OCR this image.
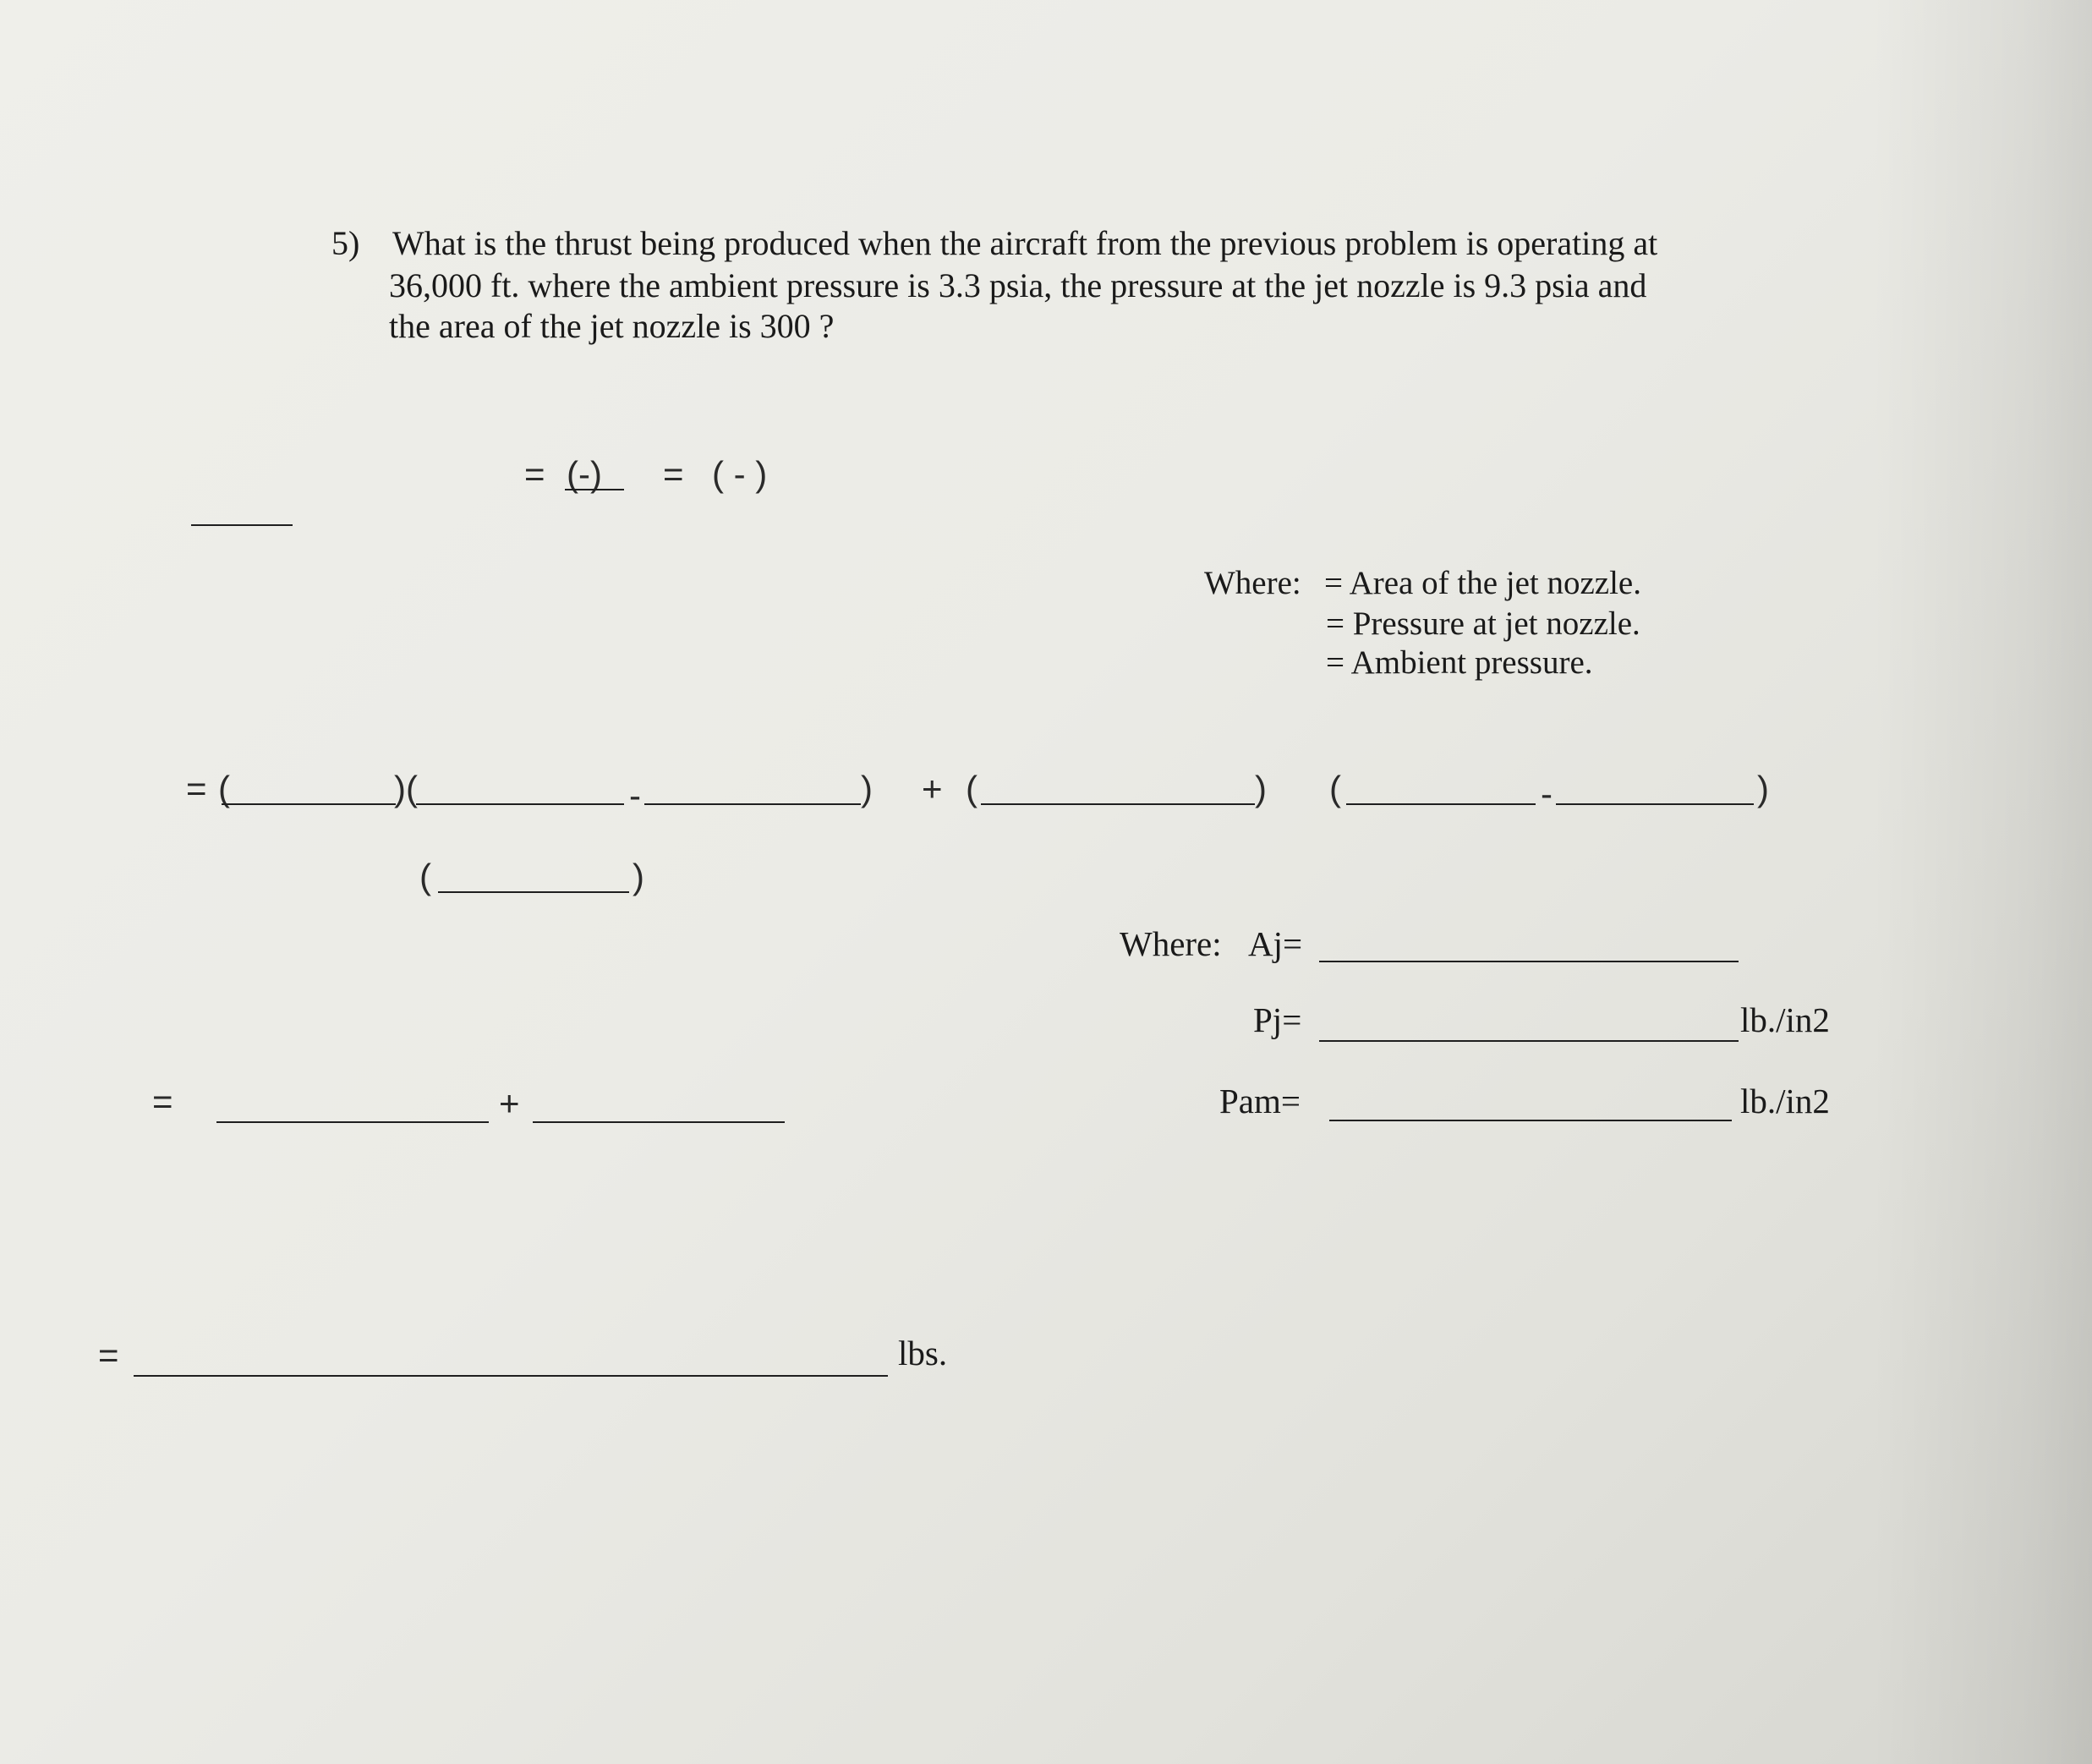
5) What is the thrust being produced when the aircraft from the previous problem is operating at
36,000 ft. where the ambient pressure is 3.3 psia, the pressure at the jet nozzle is 9.3 psia and
the area of the jet nozzle is 300 ?
= (-) = ( - )
Where: = Area of the jet nozzle.
= Pressure at jet nozzle.
= Ambient pressure.
= (	)(	-	) + (	) (	-	)
(	)
Where: Aj=
Pj=	lb./in2
=	+	Pam=	lb./in2
=	lbs.
